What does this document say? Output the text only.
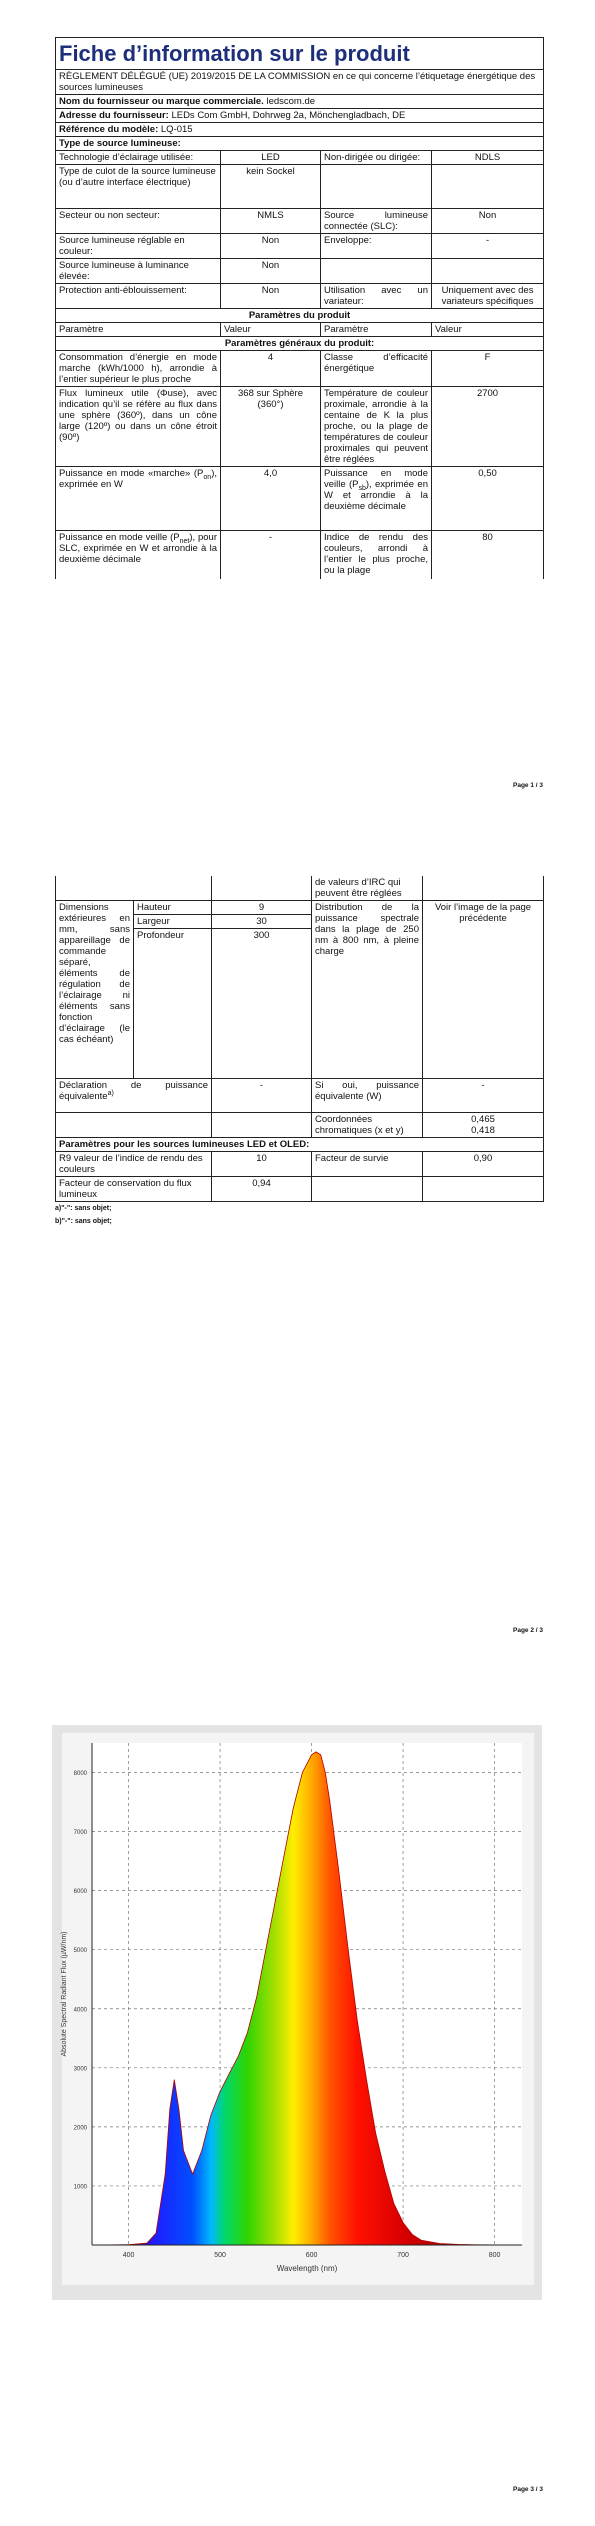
Fiche d’information sur le produit			
RÈGLEMENT DÉLÉGUÉ (UE) 2019/2015 DE LA COMMISSION en ce qui concerne l’étiquetage énergétique des sources lumineuses			
Nom du fournisseur ou marque commerciale. ledscom.de			
Adresse du fournisseur: LEDs Com GmbH, Dohrweg 2a, Mönchengladbach, DE			
Référence du modèle: LQ-015			
Type de source lumineuse:			
Technologie d’éclairage utilisée:	LED	Non-dirigée ou dirigée:	NDLS
Type de culot de la source lumineuse (ou d’autre interface électrique)	kein Sockel		
Secteur ou non secteur:	NMLS	Source lumineuse connectée (SLC):	Non
Source lumineuse réglable en couleur:	Non	Enveloppe:	-
Source lumineuse à luminance élevée:	Non		
Protection anti-éblouissement:	Non	Utilisation avec un variateur:	Uniquement avec des variateurs spécifiques
Paramètres du produit			
Paramètre	Valeur	Paramètre	Valeur
Paramètres généraux du produit:			
Consommation d’énergie en mode marche (kWh/1000 h), arrondie à l’entier supérieur le plus proche	4	Classe d’efficacité énergétique	F
Flux lumineux utile (Φuse), avec indication qu’il se réfère au flux dans une sphère (360º), dans un cône large (120º) ou dans un cône étroit (90º)	368 sur Sphère (360°)	Température de couleur proximale, arrondie à la centaine de K la plus proche, ou la plage de températures de couleur proximales qui peuvent être réglées	2700
Puissance en mode «marche» $(P_{on})$, exprimée en W	4,0	Puissance en mode veille $(P_{sb})$, exprimée en W et arrondie à la deuxième décimale	0,50
Puissance en mode veille $(P_{net})$, pour SLC, exprimée en W et arrondie à la deuxième décimale	-	Indice de rendu des couleurs, arrondi à l’entier le plus proche, ou la plage	80
Page 1 / 3
			de valeurs d’IRC qui peuvent être réglées	
Dimensions extérieures en mm, sans appareillage de commande séparé, éléments de régulation de l’éclairage ni éléments sans fonction d’éclairage (le cas échéant)	Hauteur	9	Distribution de la puissance spectrale dans la plage de 250 nm à 800 nm, à pleine charge	Voir l’image de la page précédente
	Largeur	30		
	Profondeur	300		
Déclaration de puissance équivalente$^{a)}$		-	Si oui, puissance équivalente (W)	-
			Coordonnées chromatiques (x et y)	0,465
0,418

Paramètres pour les sources lumineuses LED et OLED:				
R9 valeur de l’indice de rendu des couleurs		10	Facteur de survie	0,90
Facteur de conservation du flux lumineux		0,94		
a)"-": sans objet;
b)"-": sans objet;
Page 2 / 3
400	500	600	700	800
1000
2000
3000
4000
5000
6000
7000
8000
Wavelength (nm)
Absolute Spectral Radiant Flux (µW/nm)
Page 3 / 3
